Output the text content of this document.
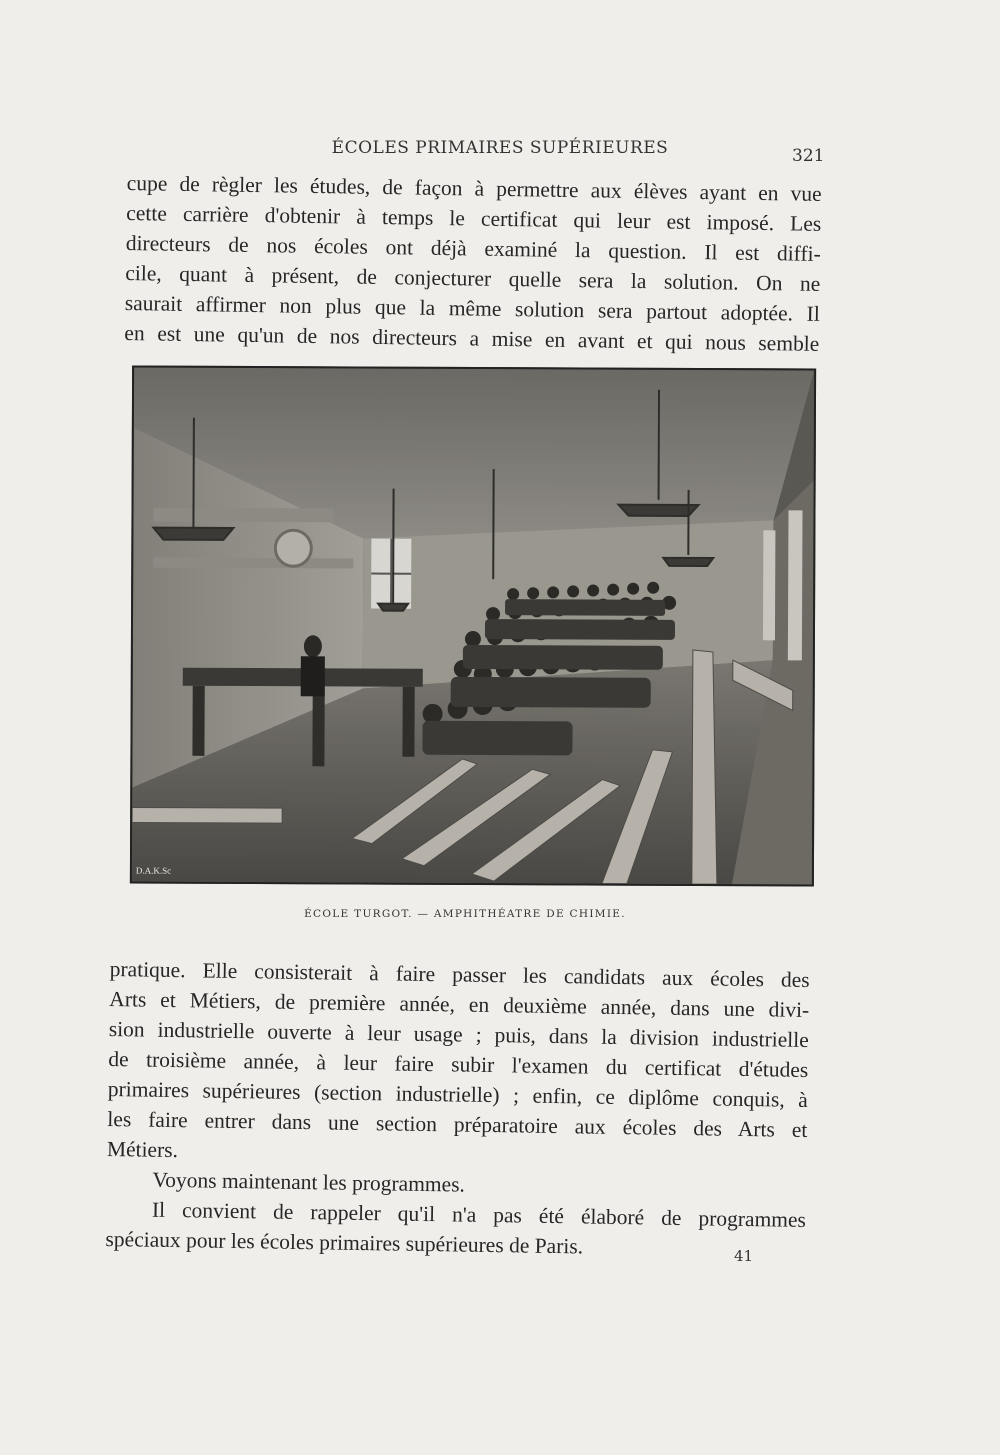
ÉCOLES PRIMAIRES SUPÉRIEURES	321
cupe de règler les études, de façon à permettre aux élèves ayant en vue
cette carrière d'obtenir à temps le certificat qui leur est imposé. Les
directeurs de nos écoles ont déjà examiné la question. Il est diffi-
cile, quant à présent, de conjecturer quelle sera la solution. On ne
saurait affirmer non plus que la même solution sera partout adoptée. Il
en est une qu'un de nos directeurs a mise en avant et qui nous semble
D.A.K.Sc
ÉCOLE TURGOT. — AMPHITHÉATRE DE CHIMIE.
pratique. Elle consisterait à faire passer les candidats aux écoles des
Arts et Métiers, de première année, en deuxième année, dans une divi-
sion industrielle ouverte à leur usage ; puis, dans la division industrielle
de troisième année, à leur faire subir l'examen du certificat d'études
primaires supérieures (section industrielle) ; enfin, ce diplôme conquis, à
les faire entrer dans une section préparatoire aux écoles des Arts et
Métiers.
Voyons maintenant les programmes.
Il convient de rappeler qu'il n'a pas été élaboré de programmes
spéciaux pour les écoles primaires supérieures de Paris.	41
